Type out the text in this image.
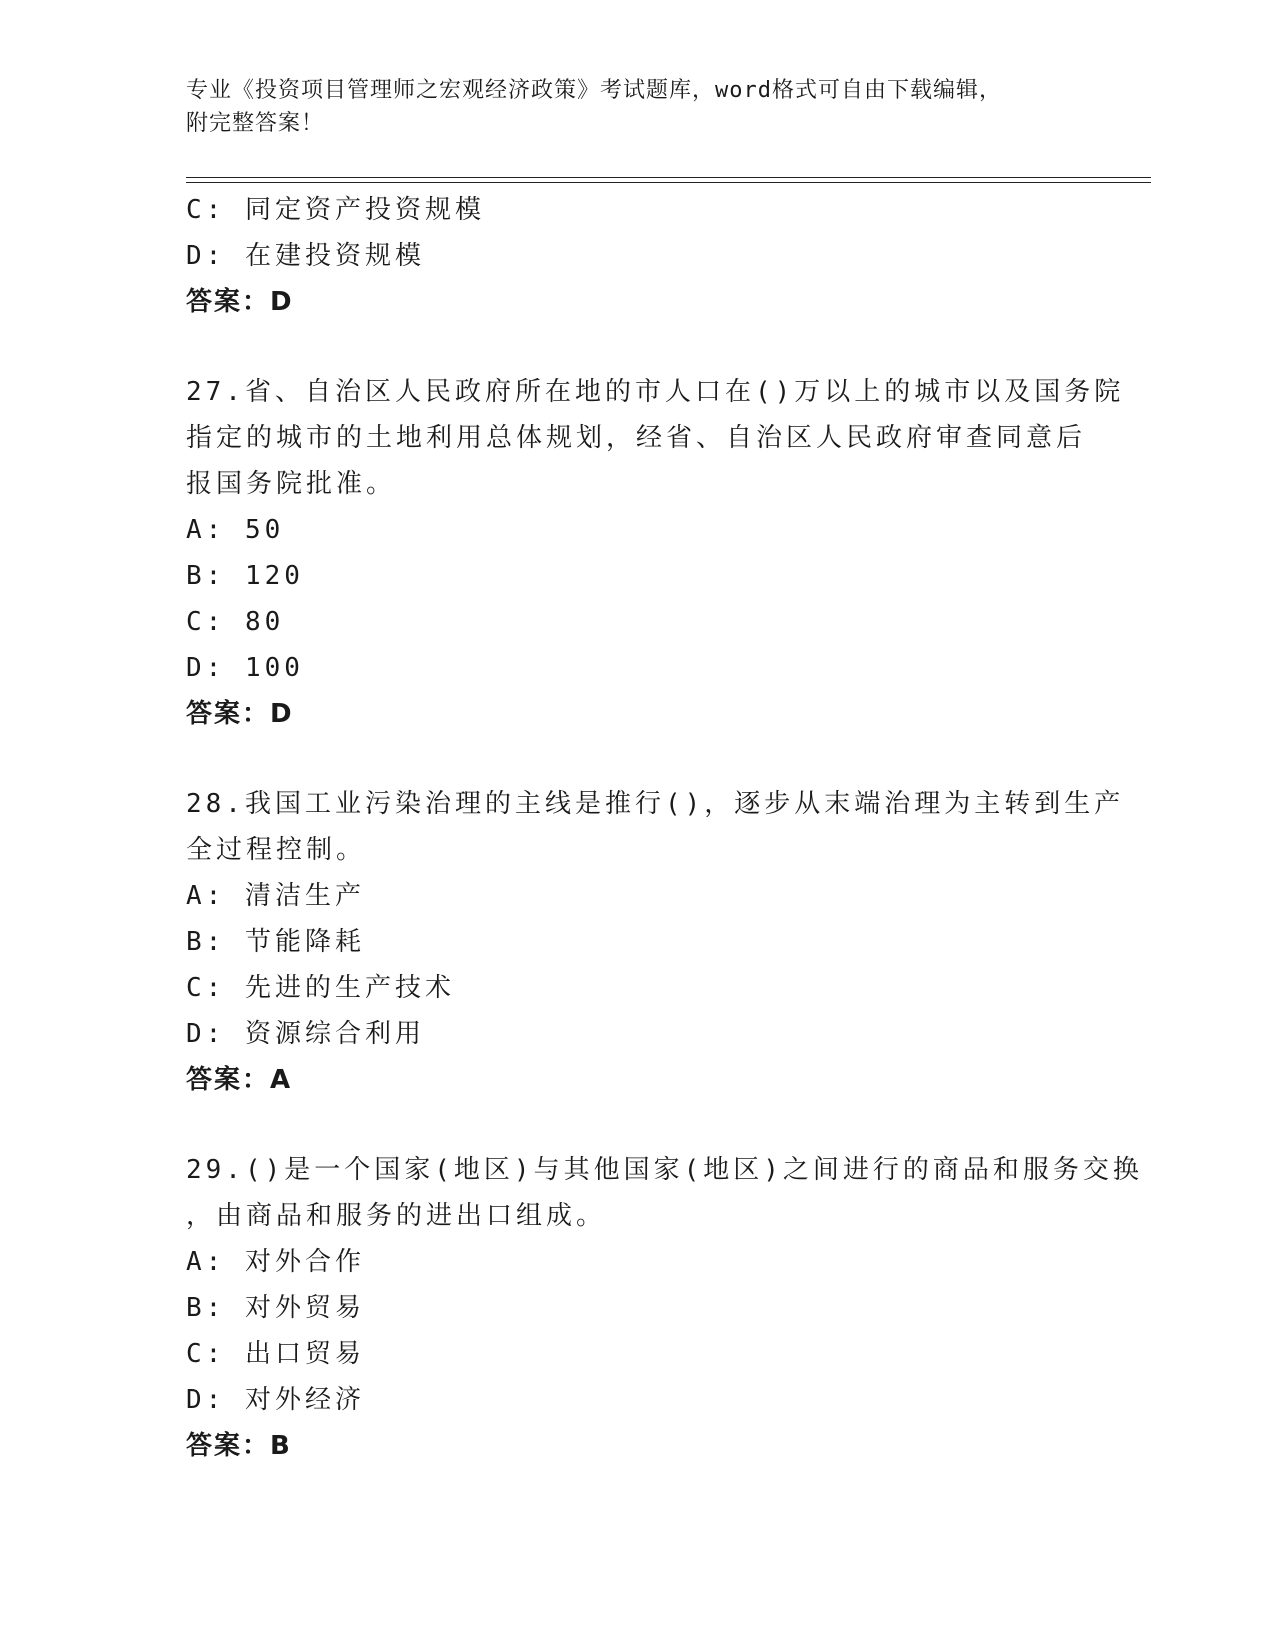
专业《投资项目管理师之宏观经济政策》考试题库，word格式可自由下载编辑，
附完整答案！
C: 同定资产投资规模
D: 在建投资规模
答案：D
27.省、自治区人民政府所在地的市人口在()万以上的城市以及国务院
指定的城市的土地利用总体规划，经省、自治区人民政府审查同意后
报国务院批准。
A: 50
B: 120
C: 80
D: 100
答案：D
28.我国工业污染治理的主线是推行()，逐步从末端治理为主转到生产
全过程控制。
A: 清洁生产
B: 节能降耗
C: 先进的生产技术
D: 资源综合利用
答案：A
29.()是一个国家(地区)与其他国家(地区)之间进行的商品和服务交换
，由商品和服务的进出口组成。
A: 对外合作
B: 对外贸易
C: 出口贸易
D: 对外经济
答案：B
